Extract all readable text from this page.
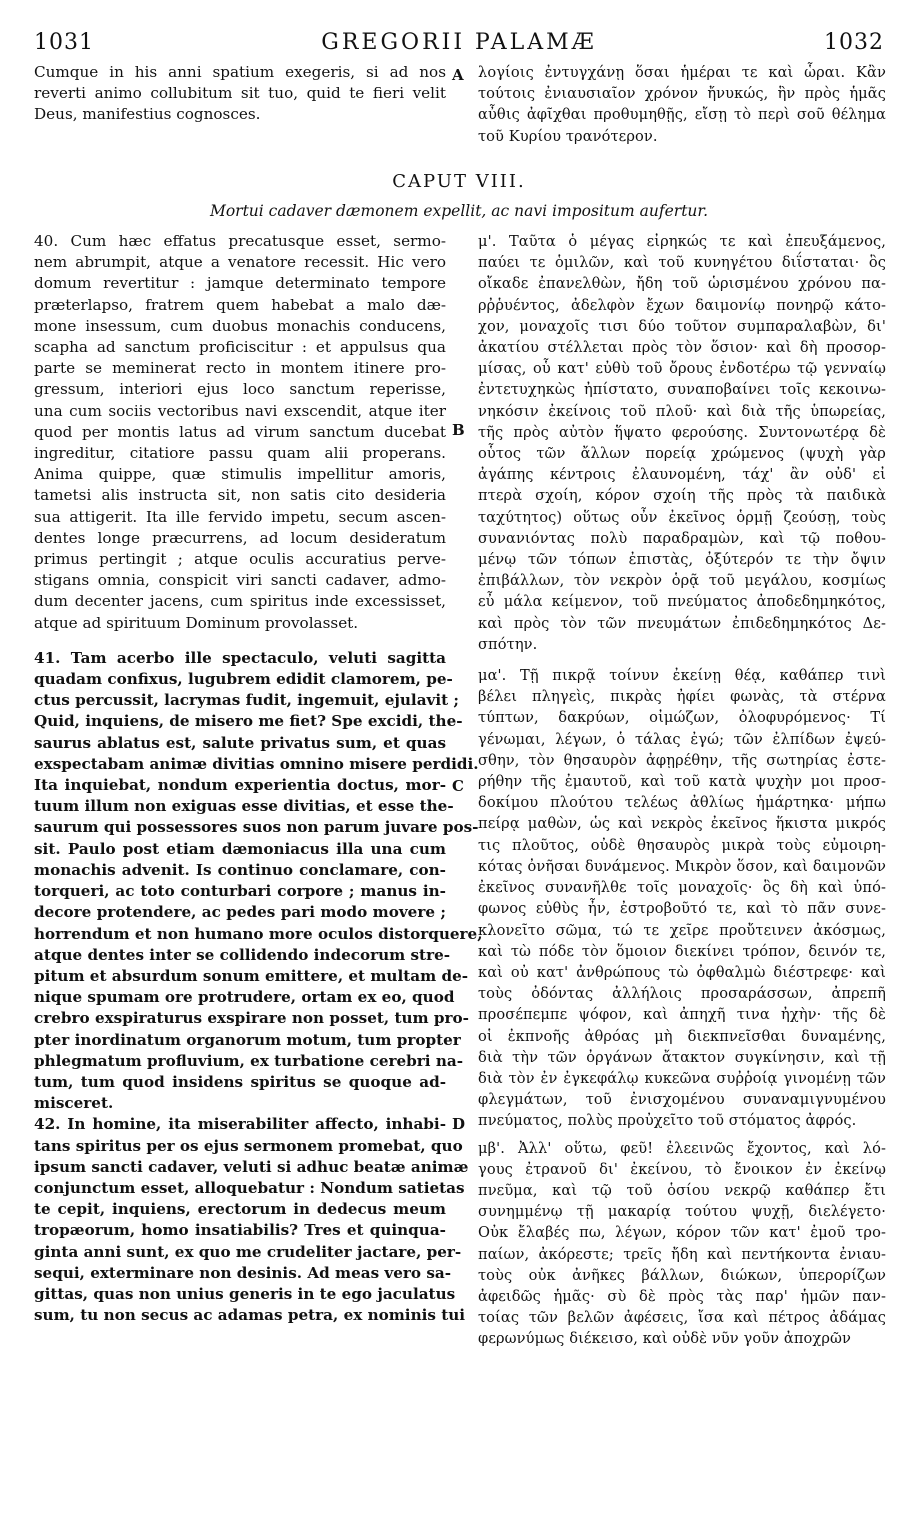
1031	GREGORII PALAMÆ	1032
Cumque in his anni spatium exegeris, si ad nos
reverti animo collubitum sit tuo, quid te fieri velit
Deus, manifestius cognosces.
λογίοις ἐντυγχάνῃ ὅσαι ἡμέραι τε καὶ ὧραι. Κἂν
τούτοις ἐνιαυσιαῖον χρόνον ἤνυκώς, ἣν πρὸς ἡμᾶς
αὖθις ἀφῖχθαι προθυμηθῇς, εἴσῃ τὸ περὶ σοῦ θέλημα
τοῦ Κυρίου τρανότερον.
CAPUT VIII.
Mortui cadaver dæmonem expellit, ac navi impositum aufertur.
40. Cum hæc effatus precatusque esset, sermo-
nem abrumpit, atque a venatore recessit. Hic vero
domum revertitur : jamque determinato tempore
præterlapso, fratrem quem habebat a malo dæ-
mone insessum, cum duobus monachis conducens,
scapha ad sanctum proficiscitur : et appulsus qua
parte se meminerat recto in montem itinere pro-
gressum, interiori ejus loco sanctum reperisse,
una cum sociis vectoribus navi exscendit, atque iter
quod per montis latus ad virum sanctum ducebat
ingreditur, citatiore passu quam alii properans.
Anima quippe, quæ stimulis impellitur amoris,
tametsi alis instructa sit, non satis cito desideria
sua attigerit. Ita ille fervido impetu, secum ascen-
dentes longe præcurrens, ad locum desideratum
primus pertingit ; atque oculis accuratius perve-
stigans omnia, conspicit viri sancti cadaver, admo-
dum decenter jacens, cum spiritus inde excessisset,
atque ad spirituum Dominum provolasset.
41. Tam acerbo ille spectaculo, veluti sagitta
quadam confixus, lugubrem edidit clamorem, pe-
ctus percussit, lacrymas fudit, ingemuit, ejulavit ;
Quid, inquiens, de misero me fiet? Spe excidi, the-
saurus ablatus est, salute privatus sum, et quas
exspectabam animæ divitias omnino misere perdidi.
Ita inquiebat, nondum experientia doctus, mor-
tuum illum non exiguas esse divitias, et esse the-
saurum qui possessores suos non parum juvare pos-
sit. Paulo post etiam dæmoniacus illa una cum
monachis advenit. Is continuo conclamare, con-
torqueri, ac toto conturbari corpore ; manus in-
decore protendere, ac pedes pari modo movere ;
horrendum et non humano more oculos distorquere,
atque dentes inter se collidendo indecorum stre-
pitum et absurdum sonum emittere, et multam de-
nique spumam ore protrudere, ortam ex eo, quod
crebro exspiraturus exspirare non posset, tum pro-
pter inordinatum organorum motum, tum propter
phlegmatum profluvium, ex turbatione cerebri na-
tum, tum quod insidens spiritus se quoque ad-
misceret.
42. In homine, ita miserabiliter affecto, inhabi-
tans spiritus per os ejus sermonem promebat, quo
ipsum sancti cadaver, veluti si adhuc beatæ animæ
conjunctum esset, alloquebatur : Nondum satietas
te cepit, inquiens, erectorum in dedecus meum
tropæorum, homo insatiabilis? Tres et quinqua-
ginta anni sunt, ex quo me crudeliter jactare, per-
sequi, exterminare non desinis. Ad meas vero sa-
gittas, quas non unius generis in te ego jaculatus
sum, tu non secus ac adamas petra, ex nominis tui
μ'. Ταῦτα ὁ μέγας εἰρηκώς τε καὶ ἐπευξάμενος,
παύει τε ὁμιλῶν, καὶ τοῦ κυνηγέτου διΐσταται· ὃς
οἴκαδε ἐπανελθὼν, ἤδη τοῦ ὡρισμένου χρόνου πα-
ρῤῥυέντος, ἀδελφὸν ἔχων δαιμονίῳ πονηρῷ κάτο-
χον, μοναχοῖς τισι δύο τοῦτον συμπαραλαβὼν, δι'
ἀκατίου στέλλεται πρὸς τὸν ὅσιον· καὶ δὴ προσορ-
μίσας, οὗ κατ' εὐθὺ τοῦ ὄρους ἐνδοτέρω τῷ γενναίῳ
ἐντετυχηκὼς ἠπίστατο, συναποβαίνει τοῖς κεκοινω-
νηκόσιν ἐκείνοις τοῦ πλοῦ· καὶ διὰ τῆς ὑπωρείας,
τῆς πρὸς αὐτὸν ἥψατο φερούσης. Συντονωτέρᾳ δὲ
οὗτος τῶν ἄλλων πορείᾳ χρώμενος (ψυχὴ γὰρ
ἀγάπης κέντροις ἐλαυνομένη, τάχ' ἂν οὐδ' εἰ
πτερὰ σχοίη, κόρον σχοίη τῆς πρὸς τὰ παιδικὰ
ταχύτητος) οὕτως οὖν ἐκεῖνος ὁρμῇ ζεούσῃ, τοὺς
συνανιόντας πολὺ παραδραμὼν, καὶ τῷ ποθου-
μένῳ τῶν τόπων ἐπιστὰς, ὀξύτερόν τε τὴν ὄψιν
ἐπιβάλλων, τὸν νεκρὸν ὁρᾷ τοῦ μεγάλου, κοσμίως
εὖ μάλα κείμενον, τοῦ πνεύματος ἀποδεδημηκότος,
καὶ πρὸς τὸν τῶν πνευμάτων ἐπιδεδημηκότος Δε-
σπότην.
μα'. Τῇ πικρᾷ τοίνυν ἐκείνῃ θέᾳ, καθάπερ τινὶ
βέλει πληγεὶς, πικρὰς ἠφίει φωνὰς, τὰ στέρνα
τύπτων, δακρύων, οἰμώζων, ὀλοφυρόμενος· Τί
γένωμαι, λέγων, ὁ τάλας ἐγώ; τῶν ἐλπίδων ἐψεύ-
σθην, τὸν θησαυρὸν ἀφῃρέθην, τῆς σωτηρίας ἐστε-
ρήθην τῆς ἐμαυτοῦ, καὶ τοῦ κατὰ ψυχὴν μοι προσ-
δοκίμου πλούτου τελέως ἀθλίως ἡμάρτηκα· μήπω
πείρᾳ μαθὼν, ὡς καὶ νεκρὸς ἐκεῖνος ἥκιστα μικρός
τις πλοῦτος, οὐδὲ θησαυρὸς μικρὰ τοὺς εὐμοιρη-
κότας ὀνῆσαι δυνάμενος. Μικρὸν ὅσον, καὶ δαιμονῶν
ἐκεῖνος συνανῆλθε τοῖς μοναχοῖς· ὃς δὴ καὶ ὑπό-
φωνος εὐθὺς ἦν, ἐστροβοῦτό τε, καὶ τὸ πᾶν συνε-
κλονεῖτο σῶμα, τώ τε χεῖρε προὔτεινεν ἀκόσμως,
καὶ τὼ πόδε τὸν ὅμοιον διεκίνει τρόπον, δεινόν τε,
καὶ οὐ κατ' ἀνθρώπους τὼ ὀφθαλμὼ διέστρεφε· καὶ
τοὺς ὀδόντας ἀλλήλοις προσαράσσων, ἀπρεπῆ
προσέπεμπε ψόφον, καὶ ἀπηχῆ τινα ἠχὴν· τῆς δὲ
οἱ ἐκπνοῆς ἀθρόας μὴ διεκπνεῖσθαι δυναμένης,
διὰ τὴν τῶν ὀργάνων ἄτακτον συγκίνησιν, καὶ τῇ
διὰ τὸν ἐν ἐγκεφάλῳ κυκεῶνα συῤῥοίᾳ γινομένῃ τῶν
φλεγμάτων, τοῦ ἐνισχομένου συναναμιγνυμένου
πνεύματος, πολὺς προὐχεῖτο τοῦ στόματος ἀφρός.
μβ'. Ἀλλ' οὕτω, φεῦ! ἐλεεινῶς ἔχοντος, καὶ λό-
γους ἐτρανοῦ δι' ἐκείνου, τὸ ἔνοικον ἐν ἐκείνῳ
πνεῦμα, καὶ τῷ τοῦ ὁσίου νεκρῷ καθάπερ ἔτι
συνημμένῳ τῇ μακαρίᾳ τούτου ψυχῇ, διελέγετο·
Οὐκ ἔλαβές πω, λέγων, κόρον τῶν κατ' ἐμοῦ τρο-
παίων, ἀκόρεστε; τρεῖς ἤδη καὶ πεντήκοντα ἐνιαυ-
τοὺς οὐκ ἀνῆκες βάλλων, διώκων, ὑπερορίζων
ἀφειδῶς ἡμᾶς· σὺ δὲ πρὸς τὰς παρ' ἡμῶν παν-
τοίας τῶν βελῶν ἀφέσεις, ἴσα καὶ πέτρος ἀδάμας
φερωνύμως διέκεισο, καὶ οὐδὲ νῦν γοῦν ἀποχρῶν
A
B
C
D
